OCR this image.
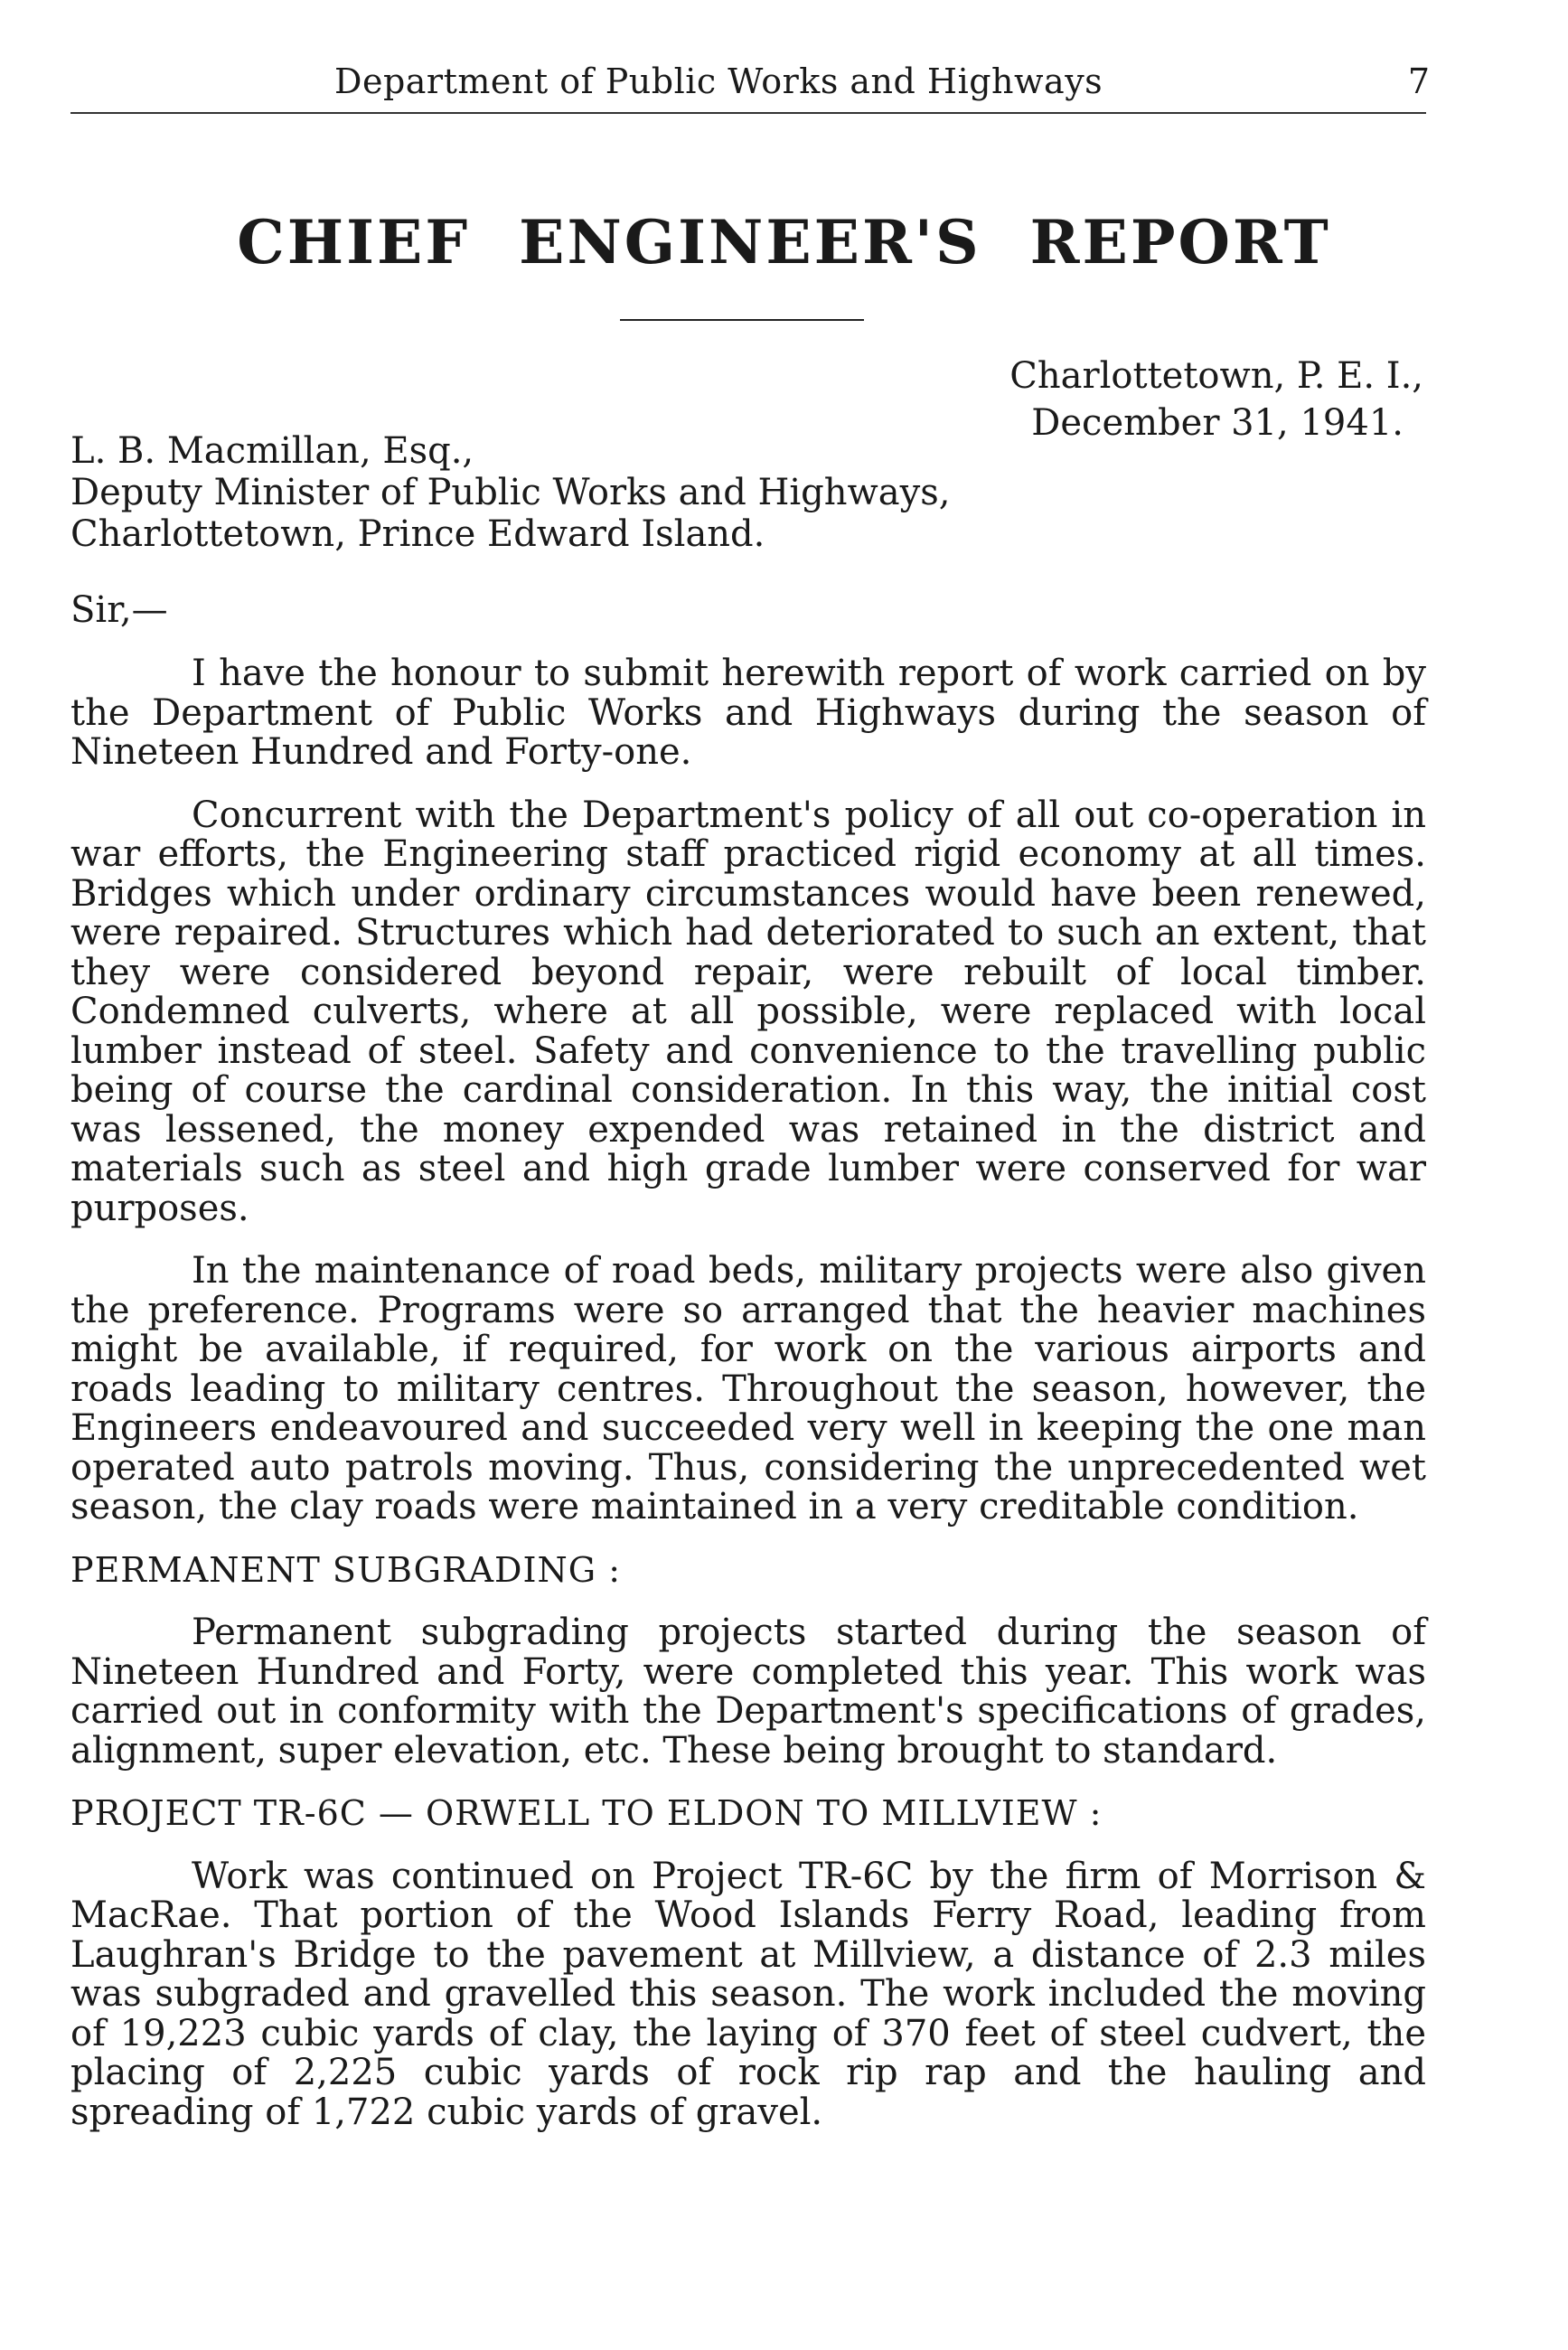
Department of Public Works and Highways	7
CHIEF ENGINEER'S REPORT
Charlottetown, P. E. I.,
December 31, 1941.
L. B. Macmillan, Esq.,
Deputy Minister of Public Works and Highways,
Charlottetown, Prince Edward Island.
Sir,—

I have the honour to submit herewith report of work carried on by the Department of Public Works and Highways during the season of Nineteen Hundred and Forty-one.

Concurrent with the Department's policy of all out co-operation in war efforts, the Engineering staff practiced rigid economy at all times. Bridges which under ordinary circumstances would have been renewed, were repaired. Structures which had deteriorated to such an extent, that they were considered beyond repair, were rebuilt of local timber. Condemned culverts, where at all possible, were replaced with local lumber instead of steel. Safety and convenience to the travelling public being of course the cardinal consideration. In this way, the initial cost was lessened, the money expended was retained in the district and materials such as steel and high grade lumber were conserved for war purposes.

In the maintenance of road beds, military projects were also given the preference. Programs were so arranged that the heavier machines might be available, if required, for work on the various airports and roads leading to military centres. Throughout the season, however, the Engineers endeavoured and succeeded very well in keeping the one man operated auto patrols moving. Thus, considering the unprecedented wet season, the clay roads were maintained in a very creditable condition.

PERMANENT SUBGRADING :

Permanent subgrading projects started during the season of Nineteen Hundred and Forty, were completed this year. This work was carried out in conformity with the Department's specifications of grades, alignment, super elevation, etc. These being brought to standard.

PROJECT TR-6C — ORWELL TO ELDON TO MILLVIEW :

Work was continued on Project TR-6C by the firm of Morrison & MacRae. That portion of the Wood Islands Ferry Road, leading from Laughran's Bridge to the pavement at Millview, a distance of 2.3 miles was subgraded and gravelled this season. The work included the moving of 19,223 cubic yards of clay, the laying of 370 feet of steel cudvert, the placing of 2,225 cubic yards of rock rip rap and the hauling and spreading of 1,722 cubic yards of gravel.
